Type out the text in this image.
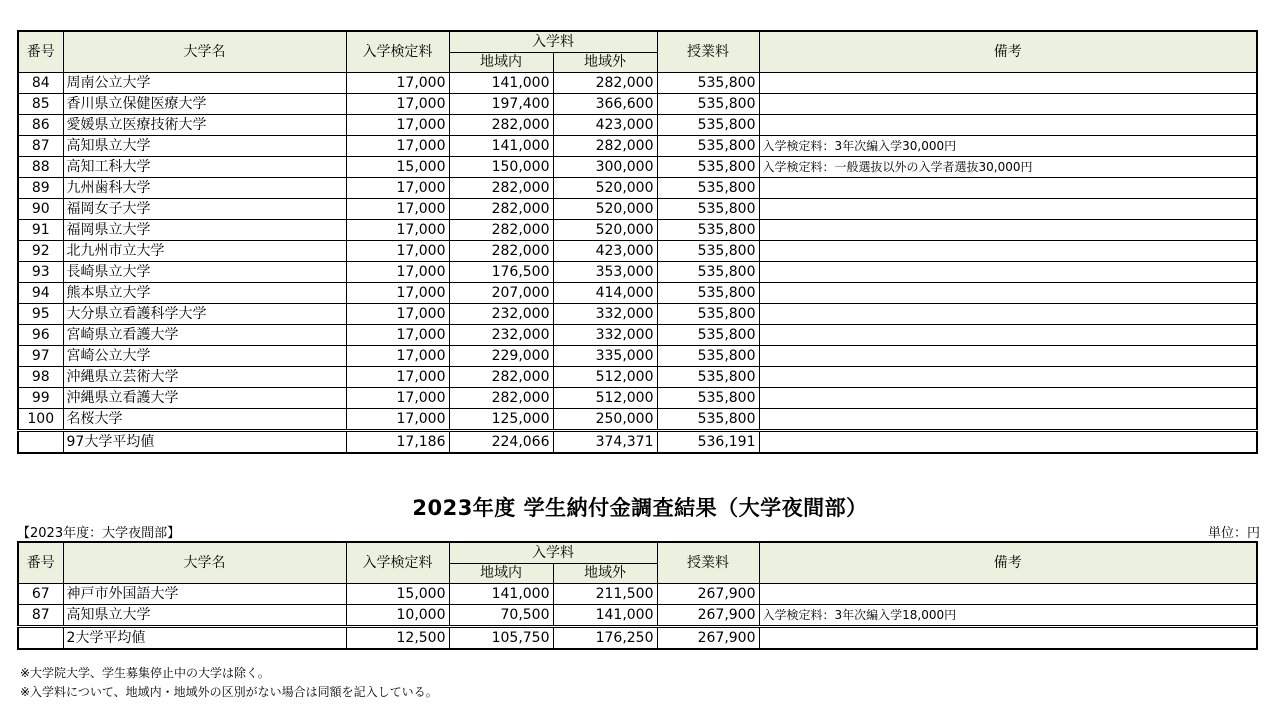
番号	大学名	入学検定料	入学料		授業料	備考
			地域内	地域外		
84	周南公立大学	17,000	141,000	282,000	535,800	
85	香川県立保健医療大学	17,000	197,400	366,600	535,800	
86	愛媛県立医療技術大学	17,000	282,000	423,000	535,800	
87	高知県立大学	17,000	141,000	282,000	535,800	入学検定料：3年次編入学30,000円
88	高知工科大学	15,000	150,000	300,000	535,800	入学検定料：一般選抜以外の入学者選抜30,000円
89	九州歯科大学	17,000	282,000	520,000	535,800	
90	福岡女子大学	17,000	282,000	520,000	535,800	
91	福岡県立大学	17,000	282,000	520,000	535,800	
92	北九州市立大学	17,000	282,000	423,000	535,800	
93	長崎県立大学	17,000	176,500	353,000	535,800	
94	熊本県立大学	17,000	207,000	414,000	535,800	
95	大分県立看護科学大学	17,000	232,000	332,000	535,800	
96	宮崎県立看護大学	17,000	232,000	332,000	535,800	
97	宮崎公立大学	17,000	229,000	335,000	535,800	
98	沖縄県立芸術大学	17,000	282,000	512,000	535,800	
99	沖縄県立看護大学	17,000	282,000	512,000	535,800	
100	名桜大学	17,000	125,000	250,000	535,800	
	97大学平均値	17,186	224,066	374,371	536,191	
2023年度 学生納付金調査結果（大学夜間部）
【2023年度：大学夜間部】	単位：円
番号	大学名	入学検定料	入学料		授業料	備考
			地域内	地域外		
67	神戸市外国語大学	15,000	141,000	211,500	267,900	
87	高知県立大学	10,000	70,500	141,000	267,900	入学検定料：3年次編入学18,000円
	2大学平均値	12,500	105,750	176,250	267,900	
※大学院大学、学生募集停止中の大学は除く。
※入学料について、地域内・地域外の区別がない場合は同額を記入している。
